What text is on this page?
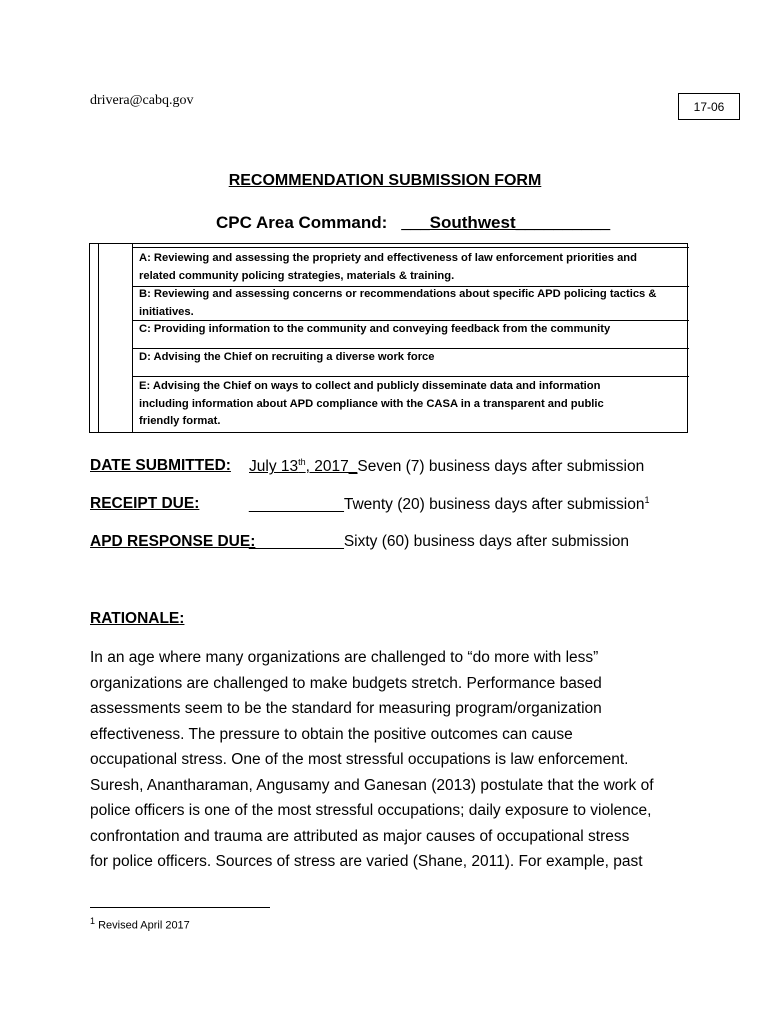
drivera@cabq.gov	17-06
RECOMMENDATION SUBMISSION FORM
CPC Area Command: ___Southwest__________
A: Reviewing and assessing the propriety and effectiveness of law enforcement priorities and
related community policing strategies, materials & training.
B: Reviewing and assessing concerns or recommendations about specific APD policing tactics &
initiatives.
C: Providing information to the community and conveying feedback from the community
D: Advising the Chief on recruiting a diverse work force
E: Advising the Chief on ways to collect and publicly disseminate data and information
including information about APD compliance with the CASA in a transparent and public
friendly format.
DATE SUBMITTED: July 13th, 2017_Seven (7) business days after submission
RECEIPT DUE:	___________Twenty (20) business days after submission$^1$
APD RESPONSE DUE:
___________Sixty (60) business days after submission
RATIONALE:
In an age where many organizations are challenged to “do more with less”
organizations are challenged to make budgets stretch. Performance based
assessments seem to be the standard for measuring program/organization
effectiveness. The pressure to obtain the positive outcomes can cause
occupational stress. One of the most stressful occupations is law enforcement.
Suresh, Anantharaman, Angusamy and Ganesan (2013) postulate that the work of
police officers is one of the most stressful occupations; daily exposure to violence,
confrontation and trauma are attributed as major causes of occupational stress
for police officers. Sources of stress are varied (Shane, 2011). For example, past
$^1$ Revised April 2017
